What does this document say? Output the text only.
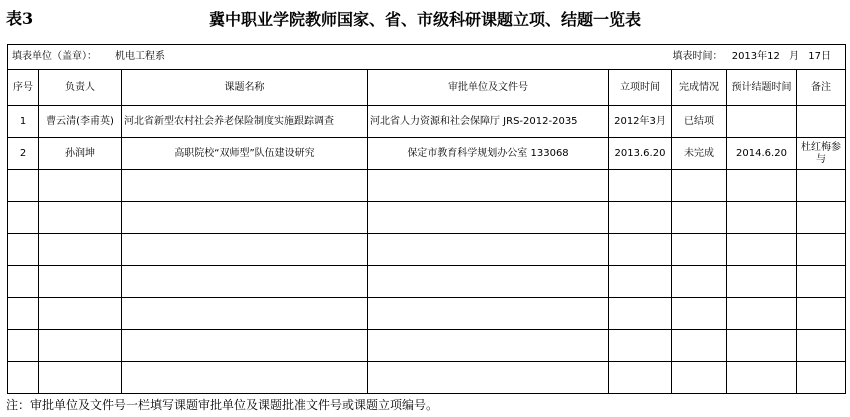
表3	冀中职业学院教师国家、省、市级科研课题立项、结题一览表
填表单位（盖章）： 机电工程系 填表时间： 2013年12 月 17日							

序号	负责人	课题名称	审批单位及文件号	立项时间	完成情况	预计结题时间	备注
1	曹云清(李甫英)	河北省新型农村社会养老保险制度实施跟踪调查	河北省人力资源和社会保障厅 JRS-2012-2035	2012年3月	已结项		
2	孙润坤	高职院校“双师型”队伍建设研究	保定市教育科学规划办公室 133068	2013.6.20	未完成	2014.6.20	杜红梅参与

注：审批单位及文件号一栏填写课题审批单位及课题批准文件号或课题立项编号。
